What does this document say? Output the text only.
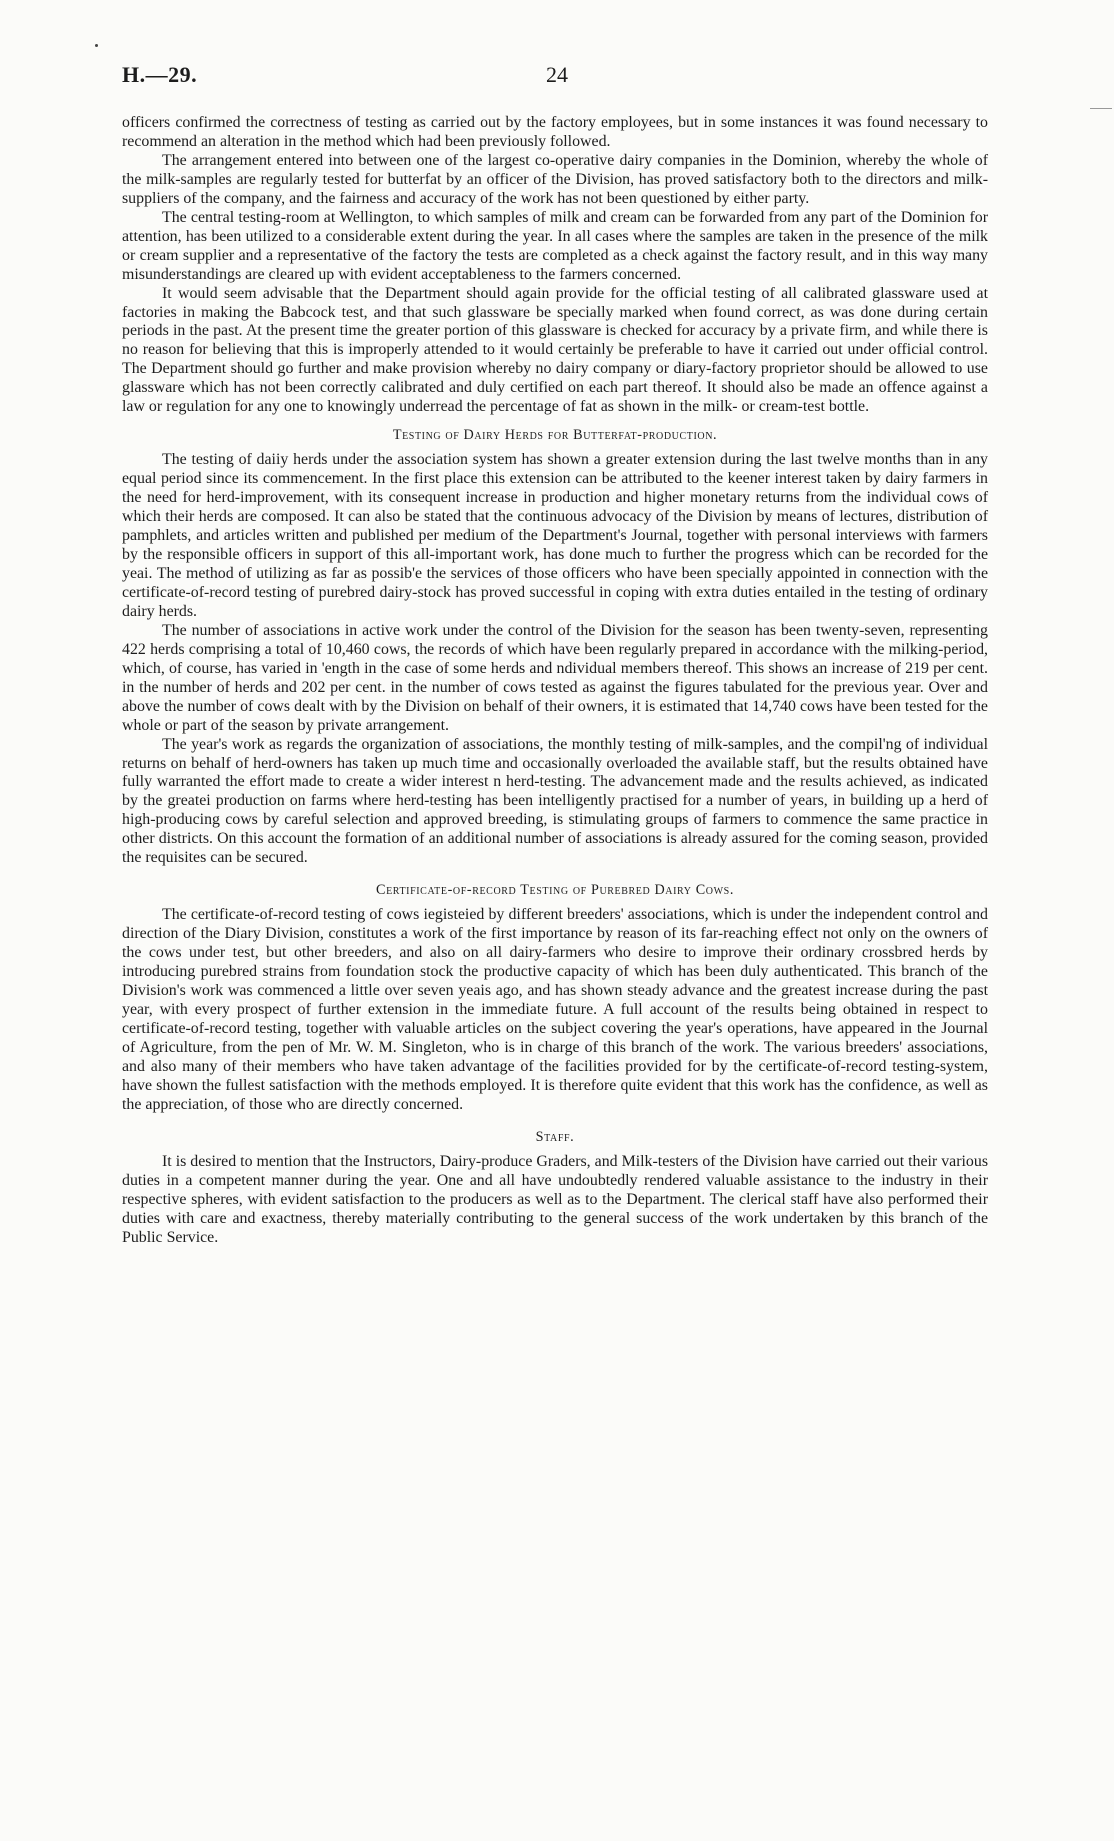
H.—29.	24

officers confirmed the correctness of testing as carried out by the factory employees, but in some instances it was found necessary to recommend an alteration in the method which had been previously followed.

The arrangement entered into between one of the largest co-operative dairy companies in the Dominion, whereby the whole of the milk-samples are regularly tested for butterfat by an officer of the Division, has proved satisfactory both to the directors and milk-suppliers of the company, and the fairness and accuracy of the work has not been questioned by either party.

The central testing-room at Wellington, to which samples of milk and cream can be forwarded from any part of the Dominion for attention, has been utilized to a considerable extent during the year. In all cases where the samples are taken in the presence of the milk or cream supplier and a representative of the factory the tests are completed as a check against the factory result, and in this way many misunderstandings are cleared up with evident acceptableness to the farmers concerned.

It would seem advisable that the Department should again provide for the official testing of all calibrated glassware used at factories in making the Babcock test, and that such glassware be specially marked when found correct, as was done during certain periods in the past. At the present time the greater portion of this glassware is checked for accuracy by a private firm, and while there is no reason for believing that this is improperly attended to it would certainly be preferable to have it carried out under official control. The Department should go further and make provision whereby no dairy company or diary-factory proprietor should be allowed to use glassware which has not been correctly calibrated and duly certified on each part thereof. It should also be made an offence against a law or regulation for any one to knowingly underread the percentage of fat as shown in the milk- or cream-test bottle.

Testing of Dairy Herds for Butterfat-production.

The testing of daiiy herds under the association system has shown a greater extension during the last twelve months than in any equal period since its commencement. In the first place this extension can be attributed to the keener interest taken by dairy farmers in the need for herd-improvement, with its consequent increase in production and higher monetary returns from the individual cows of which their herds are composed. It can also be stated that the continuous advocacy of the Division by means of lectures, distribution of pamphlets, and articles written and published per medium of the Department's Journal, together with personal interviews with farmers by the responsible officers in support of this all-important work, has done much to further the progress which can be recorded for the yeai. The method of utilizing as far as possib'e the services of those officers who have been specially appointed in connection with the certificate-of-record testing of purebred dairy-stock has proved successful in coping with extra duties entailed in the testing of ordinary dairy herds.

The number of associations in active work under the control of the Division for the season has been twenty-seven, representing 422 herds comprising a total of 10,460 cows, the records of which have been regularly prepared in accordance with the milking-period, which, of course, has varied in 'ength in the case of some herds and ndividual members thereof. This shows an increase of 219 per cent. in the number of herds and 202 per cent. in the number of cows tested as against the figures tabulated for the previous year. Over and above the number of cows dealt with by the Division on behalf of their owners, it is estimated that 14,740 cows have been tested for the whole or part of the season by private arrangement.

The year's work as regards the organization of associations, the monthly testing of milk-samples, and the compil'ng of individual returns on behalf of herd-owners has taken up much time and occasionally overloaded the available staff, but the results obtained have fully warranted the effort made to create a wider interest n herd-testing. The advancement made and the results achieved, as indicated by the greatei production on farms where herd-testing has been intelligently practised for a number of years, in building up a herd of high-producing cows by careful selection and approved breeding, is stimulating groups of farmers to commence the same practice in other districts. On this account the formation of an additional number of associations is already assured for the coming season, provided the requisites can be secured.

Certificate-of-record Testing of Purebred Dairy Cows.

The certificate-of-record testing of cows iegisteied by different breeders' associations, which is under the independent control and direction of the Diary Division, constitutes a work of the first importance by reason of its far-reaching effect not only on the owners of the cows under test, but other breeders, and also on all dairy-farmers who desire to improve their ordinary crossbred herds by introducing purebred strains from foundation stock the productive capacity of which has been duly authenticated. This branch of the Division's work was commenced a little over seven yeais ago, and has shown steady advance and the greatest increase during the past year, with every prospect of further extension in the immediate future. A full account of the results being obtained in respect to certificate-of-record testing, together with valuable articles on the subject covering the year's operations, have appeared in the Journal of Agriculture, from the pen of Mr. W. M. Singleton, who is in charge of this branch of the work. The various breeders' associations, and also many of their members who have taken advantage of the facilities provided for by the certificate-of-record testing-system, have shown the fullest satisfaction with the methods employed. It is therefore quite evident that this work has the confidence, as well as the appreciation, of those who are directly concerned.

Staff.

It is desired to mention that the Instructors, Dairy-produce Graders, and Milk-testers of the Division have carried out their various duties in a competent manner during the year. One and all have undoubtedly rendered valuable assistance to the industry in their respective spheres, with evident satisfaction to the producers as well as to the Department. The clerical staff have also performed their duties with care and exactness, thereby materially contributing to the general success of the work undertaken by this branch of the Public Service.
